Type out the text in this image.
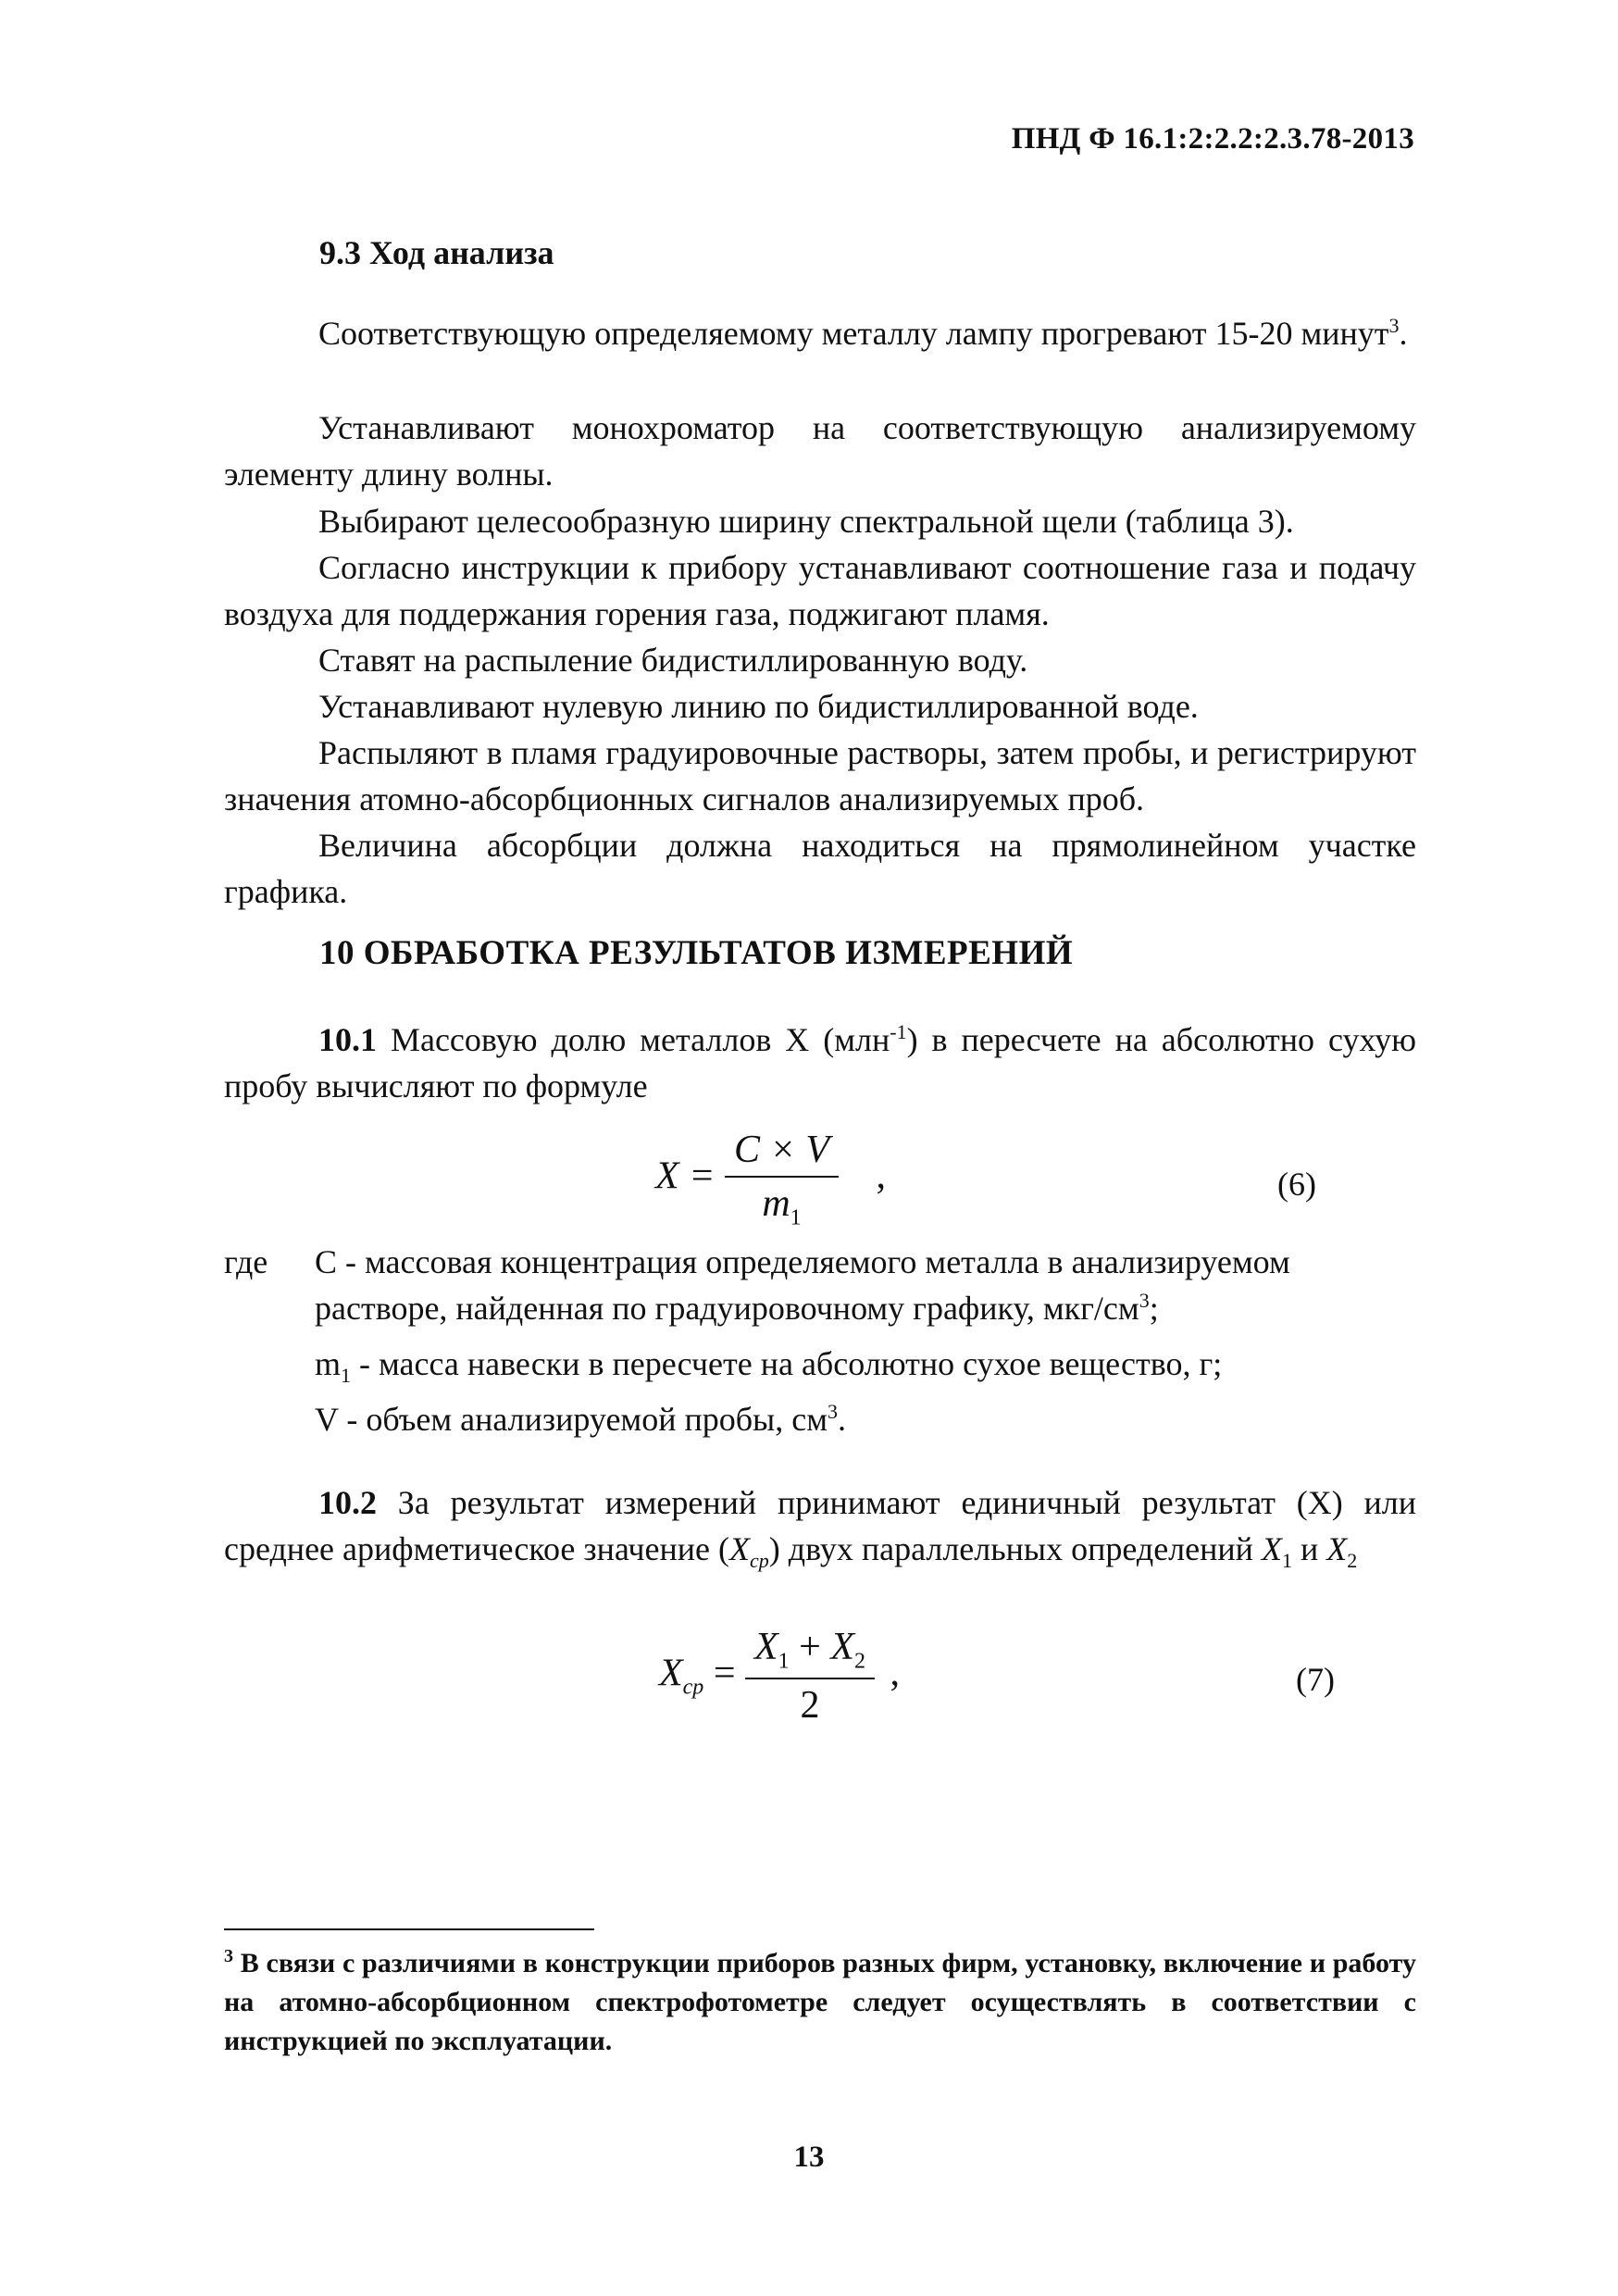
ПНД Ф 16.1:2:2.2:2.3.78-2013
9.3 Ход анализа
Соответствующую определяемому металлу лампу прогревают 15-20 минут$^3$.
Устанавливают монохроматор на соответствующую анализируемому элементу длину волны.
Выбирают целесообразную ширину спектральной щели (таблица 3).
Согласно инструкции к прибору устанавливают соотношение газа и подачу воздуха для поддержания горения газа, поджигают пламя.
Ставят на распыление бидистиллированную воду.
Устанавливают нулевую линию по бидистиллированной воде.
Распыляют в пламя градуировочные растворы, затем пробы, и регистрируют значения атомно-абсорбционных сигналов анализируемых проб.
Величина абсорбции должна находиться на прямолинейном участке графика.
10 ОБРАБОТКА РЕЗУЛЬТАТОВ ИЗМЕРЕНИЙ
10.1 Массовую долю металлов X (млн$^{-1}$) в пересчете на абсолютно сухую пробу вычисляют по формуле
$X = \frac{C \times V}{m_1}$ ,	(6)
где C - массовая концентрация определяемого металла в анализируемом растворе, найденная по градуировочному графику, мкг/$см^3$;
$m_1$ - масса навески в пересчете на абсолютно сухое вещество, г;
V - объем анализируемой пробы, $см^3$.
10.2 За результат измерений принимают единичный результат (X) или среднее арифметическое значение $(X_{ср})$ двух параллельных определений $X_1$ и $X_2$
$X_{ср} = \frac{X_1 + X_2}{2}$ ,	(7)
$^3$ В связи с различиями в конструкции приборов разных фирм, установку, включение и работу на атомно-абсорбционном спектрофотометре следует осуществлять в соответствии с инструкцией по эксплуатации.
13
